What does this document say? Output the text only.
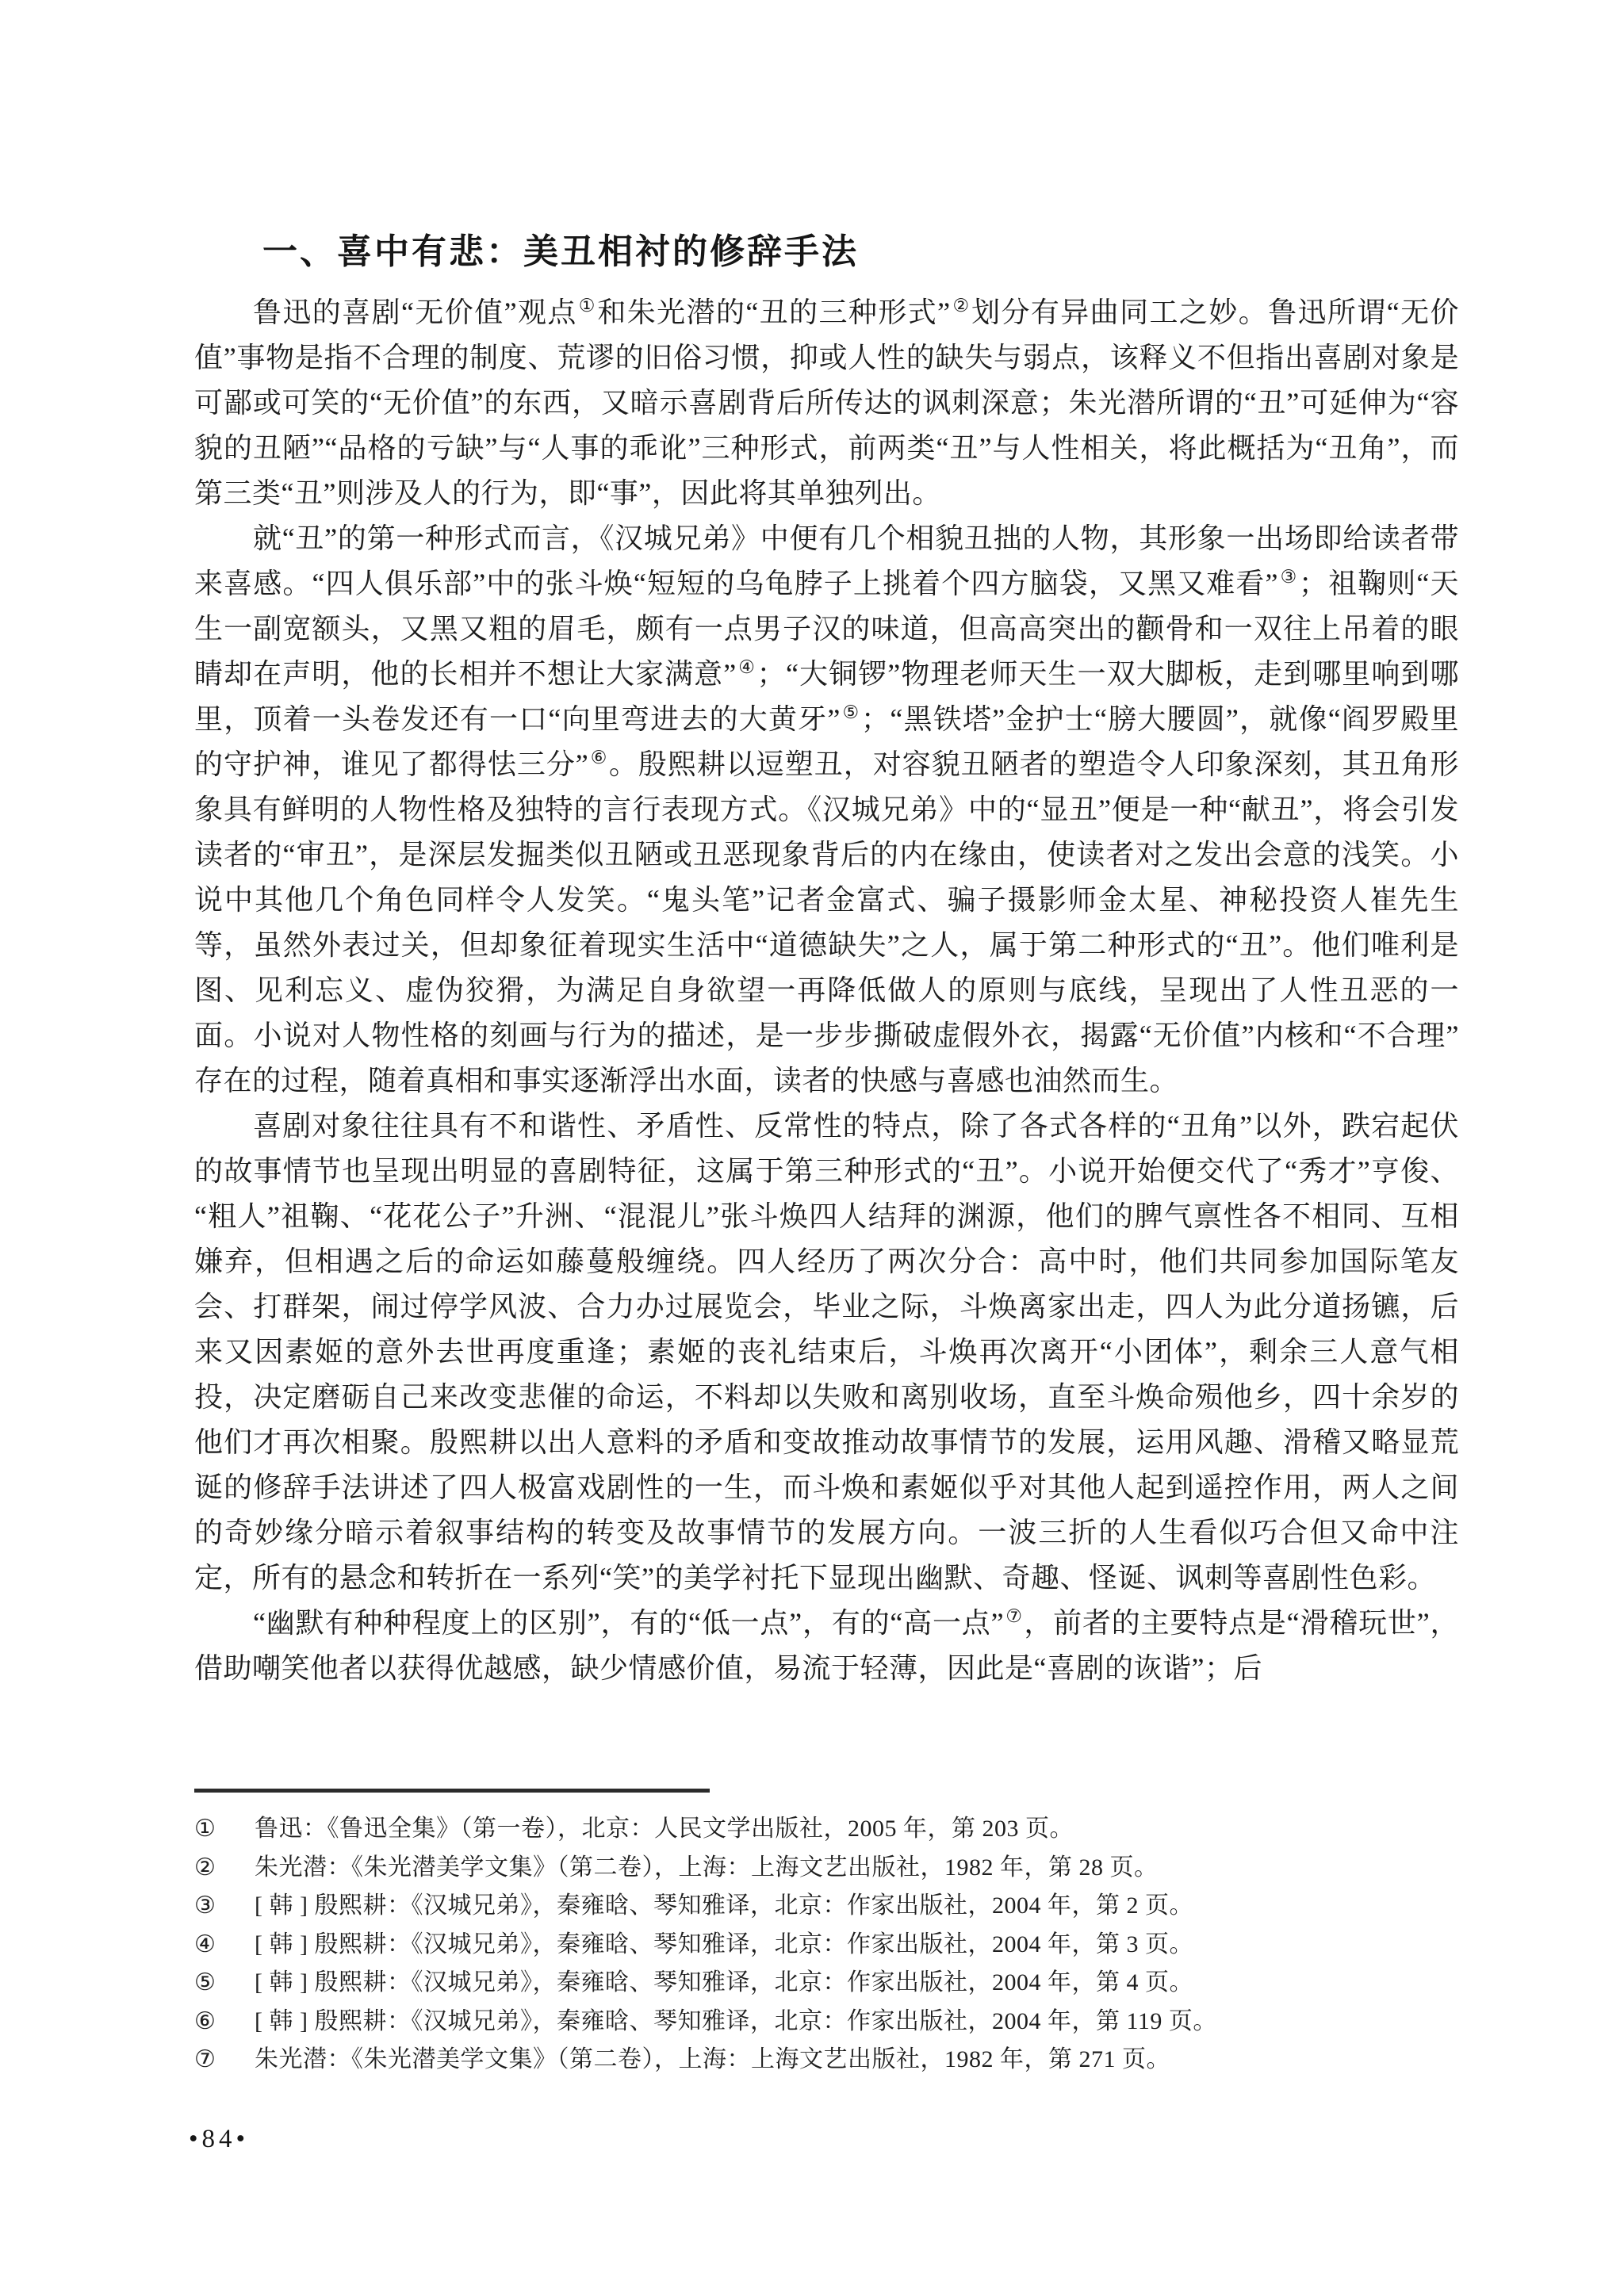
一、喜中有悲：美丑相衬的修辞手法

鲁迅的喜剧“无价值”观点①和朱光潜的“丑的三种形式”②划分有异曲同工之妙。鲁迅所谓“无价值”事物是指不合理的制度、荒谬的旧俗习惯，抑或人性的缺失与弱点，该释义不但指出喜剧对象是可鄙或可笑的“无价值”的东西，又暗示喜剧背后所传达的讽刺深意；朱光潜所谓的“丑”可延伸为“容貌的丑陋”“品格的亏缺”与“人事的乖讹”三种形式，前两类“丑”与人性相关，将此概括为“丑角”，而第三类“丑”则涉及人的行为，即“事”，因此将其单独列出。

就“丑”的第一种形式而言，《汉城兄弟》中便有几个相貌丑拙的人物，其形象一出场即给读者带来喜感。“四人俱乐部”中的张斗焕“短短的乌龟脖子上挑着个四方脑袋，又黑又难看”③；祖鞠则“天生一副宽额头，又黑又粗的眉毛，颇有一点男子汉的味道，但高高突出的颧骨和一双往上吊着的眼睛却在声明，他的长相并不想让大家满意”④；“大铜锣”物理老师天生一双大脚板，走到哪里响到哪里，顶着一头卷发还有一口“向里弯进去的大黄牙”⑤；“黑铁塔”金护士“膀大腰圆”，就像“阎罗殿里的守护神，谁见了都得怯三分”⑥。殷熙耕以逗塑丑，对容貌丑陋者的塑造令人印象深刻，其丑角形象具有鲜明的人物性格及独特的言行表现方式。《汉城兄弟》中的“显丑”便是一种“献丑”，将会引发读者的“审丑”，是深层发掘类似丑陋或丑恶现象背后的内在缘由，使读者对之发出会意的浅笑。小说中其他几个角色同样令人发笑。“鬼头笔”记者金富式、骗子摄影师金太星、神秘投资人崔先生等，虽然外表过关，但却象征着现实生活中“道德缺失”之人，属于第二种形式的“丑”。他们唯利是图、见利忘义、虚伪狡猾，为满足自身欲望一再降低做人的原则与底线，呈现出了人性丑恶的一面。小说对人物性格的刻画与行为的描述，是一步步撕破虚假外衣，揭露“无价值”内核和“不合理”存在的过程，随着真相和事实逐渐浮出水面，读者的快感与喜感也油然而生。

喜剧对象往往具有不和谐性、矛盾性、反常性的特点，除了各式各样的“丑角”以外，跌宕起伏的故事情节也呈现出明显的喜剧特征，这属于第三种形式的“丑”。小说开始便交代了“秀才”亨俊、“粗人”祖鞠、“花花公子”升洲、“混混儿”张斗焕四人结拜的渊源，他们的脾气禀性各不相同、互相嫌弃，但相遇之后的命运如藤蔓般缠绕。四人经历了两次分合：高中时，他们共同参加国际笔友会、打群架，闹过停学风波、合力办过展览会，毕业之际，斗焕离家出走，四人为此分道扬镳，后来又因素姬的意外去世再度重逢；素姬的丧礼结束后，斗焕再次离开“小团体”，剩余三人意气相投，决定磨砺自己来改变悲催的命运，不料却以失败和离别收场，直至斗焕命殒他乡，四十余岁的他们才再次相聚。殷熙耕以出人意料的矛盾和变故推动故事情节的发展，运用风趣、滑稽又略显荒诞的修辞手法讲述了四人极富戏剧性的一生，而斗焕和素姬似乎对其他人起到遥控作用，两人之间的奇妙缘分暗示着叙事结构的转变及故事情节的发展方向。一波三折的人生看似巧合但又命中注定，所有的悬念和转折在一系列“笑”的美学衬托下显现出幽默、奇趣、怪诞、讽刺等喜剧性色彩。

“幽默有种种程度上的区别”，有的“低一点”，有的“高一点”⑦，前者的主要特点是“滑稽玩世”，借助嘲笑他者以获得优越感，缺少情感价值，易流于轻薄，因此是“喜剧的诙谐”；后

①	鲁迅：《鲁迅全集》（第一卷），北京：人民文学出版社，2005 年，第 203 页。
②	朱光潜：《朱光潜美学文集》（第二卷），上海：上海文艺出版社，1982 年，第 28 页。
③	[ 韩 ] 殷熙耕：《汉城兄弟》，秦雍晗、琴知雅译，北京：作家出版社，2004 年，第 2 页。
④	[ 韩 ] 殷熙耕：《汉城兄弟》，秦雍晗、琴知雅译，北京：作家出版社，2004 年，第 3 页。
⑤	[ 韩 ] 殷熙耕：《汉城兄弟》，秦雍晗、琴知雅译，北京：作家出版社，2004 年，第 4 页。
⑥	[ 韩 ] 殷熙耕：《汉城兄弟》，秦雍晗、琴知雅译，北京：作家出版社，2004 年，第 119 页。
⑦	朱光潜：《朱光潜美学文集》（第二卷），上海：上海文艺出版社，1982 年，第 271 页。
•84•
